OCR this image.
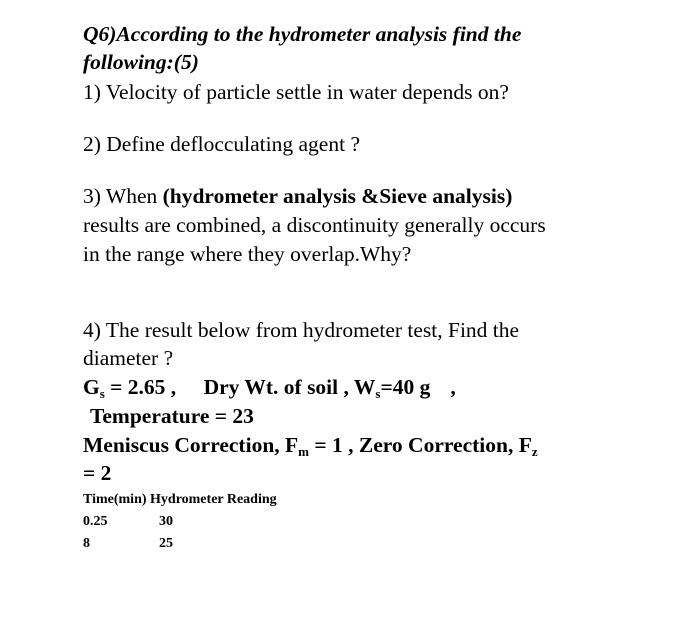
Q6)According to the hydrometer analysis find the
following:(5)
1) Velocity of particle settle in water depends on?
2) Define deflocculating agent ?
3) When (hydrometer analysis &Sieve analysis)
results are combined, a discontinuity generally occurs
in the range where they overlap.Why?
4) The result below from hydrometer test, Find the
diameter ?
$G_s = 2.65$ , Dry Wt. of soil , $W_s=40$ g ,
Temperature = 23
Meniscus Correction, $F_m = 1$ , Zero Correction, $F_z$
= 2
Time(min) Hydrometer Reading
0.25	30
8	25
